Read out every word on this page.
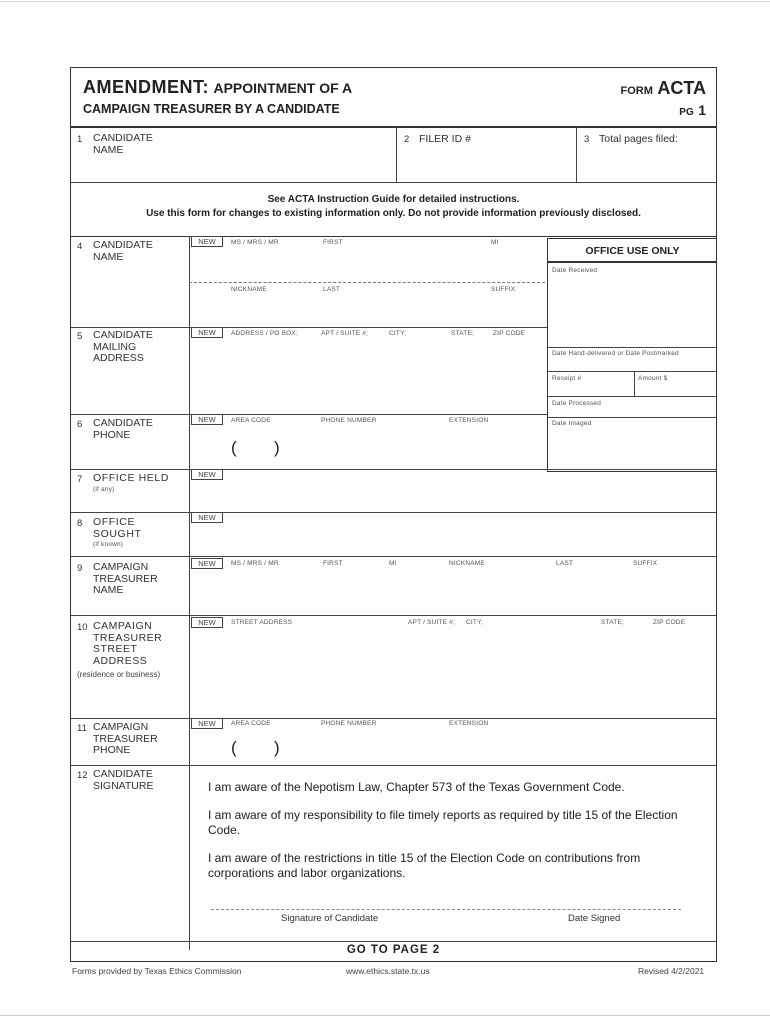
AMENDMENT: APPOINTMENT OF A
CAMPAIGN TREASURER BY A CANDIDATE
FORM ACTA
PG 1
1 CANDIDATE
NAME
2 FILER ID #	3 Total pages filed:
See ACTA Instruction Guide for detailed instructions.
Use this form for changes to existing information only. Do not provide information previously disclosed.
4 CANDIDATE
NAME
NEW	MS / MRS / MR	FIRST	MI
NICKNAME	LAST	SUFFIX
OFFICE USE ONLY
Date Received
Date Hand-delivered or Date Postmarked
Receipt #	Amount $
Date Processed
Date Imaged
5 CANDIDATE
MAILING
ADDRESS
NEW	ADDRESS / PO BOX;	APT / SUITE #;	CITY;	STATE;	ZIP CODE
6 CANDIDATE
PHONE
NEW	AREA CODE	PHONE NUMBER	EXTENSION
( )
7 OFFICE HELD
(if any)
NEW
8 OFFICE
SOUGHT
(if known)
NEW
9 CAMPAIGN
TREASURER
NAME
NEW	MS / MRS / MR	FIRST	MI	NICKNAME	LAST	SUFFIX
10 CAMPAIGN
TREASURER
STREET
ADDRESS
(residence or business)
NEW	STREET ADDRESS	APT / SUITE #; CITY;	STATE;	ZIP CODE
11 CAMPAIGN
TREASURER
PHONE
NEW	AREA CODE	PHONE NUMBER	EXTENSION
( )
12 CANDIDATE
SIGNATURE	I am aware of the Nepotism Law, Chapter 573 of the Texas Government Code.
I am aware of my responsibility to file timely reports as required by title 15 of the Election Code.
I am aware of the restrictions in title 15 of the Election Code on contributions from corporations and labor organizations.
Signature of Candidate	Date Signed
GO TO PAGE 2
Forms provided by Texas Ethics Commission	www.ethics.state.tx.us	Revised 4/2/2021
